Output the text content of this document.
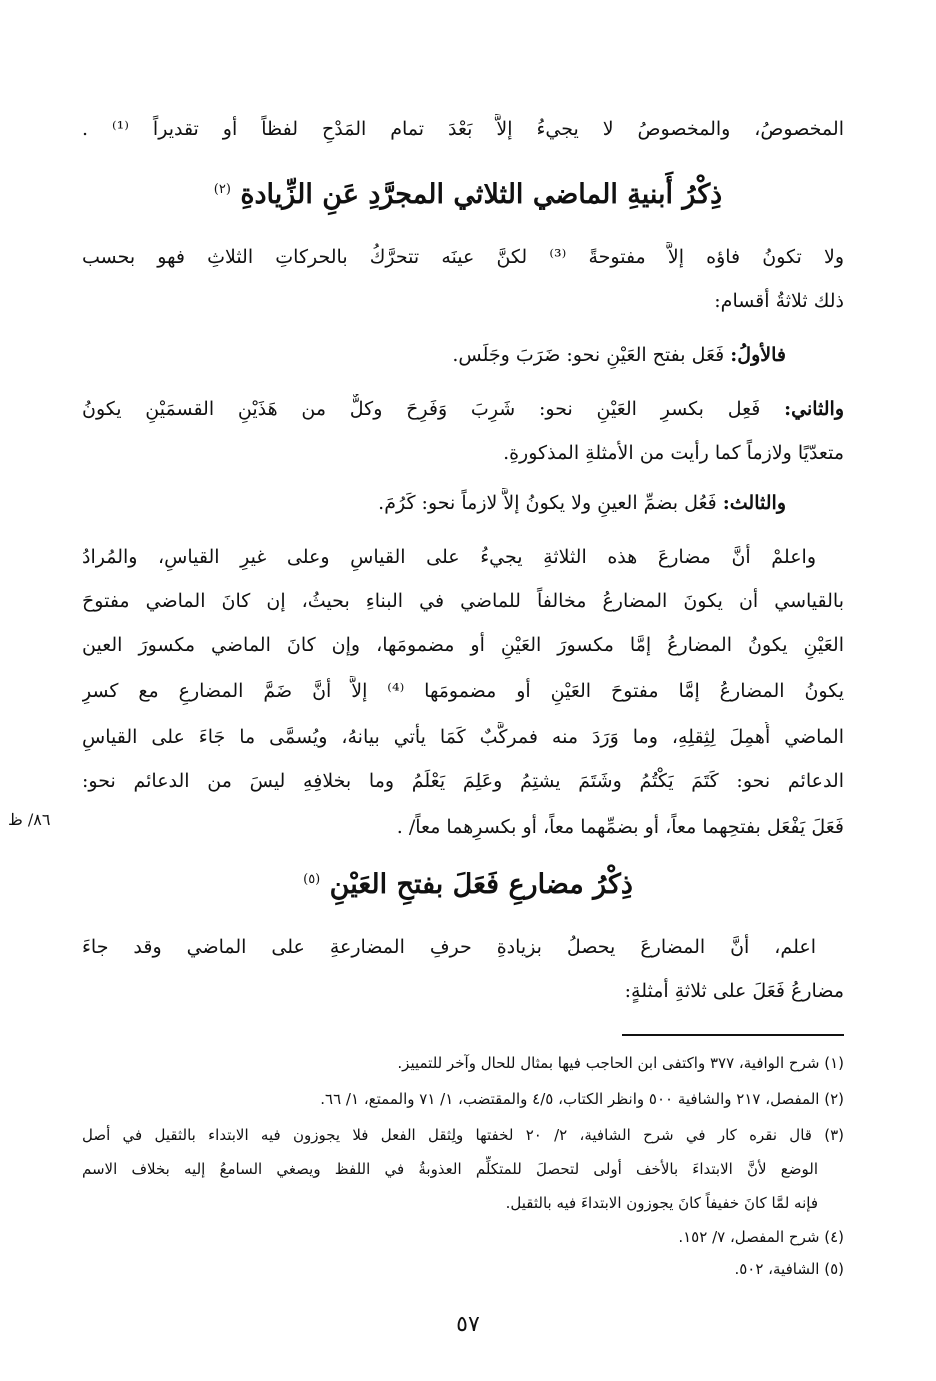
المخصوصُ، والمخصوصُ لا يجيءُ إلاَّ بَعْدَ تمام المَدْحِ لفظاً أو تقديراً ⁽¹⁾ .
ذِكْرُ أَبنيةِ الماضي الثلاثي المجرَّدِ عَنِ الزِّيادةِ $^{(٢)}$
ولا تكونُ فاؤه إلاَّ مفتوحةً ⁽³⁾ لكنَّ عينَه تتحرَّكُ بالحركاتِ الثلاثِ فهو بحسب
ذلك ثلاثةُ أقسام:
فالأولُ: فَعَل بفتح العَيْنِ نحو: ضَرَبَ وجَلَس.
والثاني: فَعِل بكسرِ العَيْنِ نحو: شَرِبَ وَفَرِحَ وكلٌّ من هَذَيْنِ القسمَيْنِ يكونُ
متعدّيًا ولازماً كما رأيت من الأمثلةِ المذكورةِ.
والثالث: فَعُل بضمِّ العينِ ولا يكونُ إلاَّ لازماً نحو: كَرُمَ.
واعلمْ أنَّ مضارعَ هذه الثلاثةِ يجيءُ على القياسِ وعلى غيرِ القياسِ، والمُرادُ
بالقياسي أن يكونَ المضارعُ مخالفاً للماضي في البناءِ بحيثُ، إن كانَ الماضي مفتوحَ
العَيْنِ يكونُ المضارعُ إمَّا مكسورَ العَيْنِ أو مضمومَها، وإن كانَ الماضي مكسورَ العين
يكونُ المضارعُ إمَّا مفتوحَ العَيْنِ أو مضمومَها ⁽⁴⁾ إلاَّ أنَّ ضَمَّ المضارعِ مع كسرِ
الماضي أُهمِلَ لِثِقلِهِ، وما وَرَدَ منه فمركَّبٌ كَمَا يأتي بيانهُ، ويُسمَّى ما جَاءَ على القياسِ
الدعائم نحو: كَتَمَ يَكْتُمُ وشَتَمَ يشتِمُ وعَلِمَ يَعْلَمُ وما بخلافِهِ ليسَ من الدعائم نحو:
فَعَلَ يَفْعَل بفتحِهما معاً، أو بضمِّهما معاً، أو بكسرِهما معاً/ .
٨٦/ ظ
ذِكْرُ مضارعِ فَعَلَ بفتحِ العَيْنِ $^{(٥)}$
اعلم، أنَّ المضارعَ يحصلُ بزيادةِ حرفِ المضارعةِ على الماضي وقد جاءَ
مضارعُ فَعَلَ على ثلاثةِ أمثلةٍ:
(١) شرح الوافية، ٣٧٧ واكتفى ابن الحاجب فيها بمثال للحال وآخر للتمييز.
(٢) المفصل، ٢١٧ والشافية ٥٠٠ وانظر الكتاب، ٤/٥ والمقتضب، ١/ ٧١ والممتع، ١/ ٦٦.
(٣) قال نقره كار في شرح الشافية، ٢/ ٢٠ لخفتها ولِثقل الفعل فلا يجوزون فيه الابتداء بالثقيل في أصل
الوضع لأنَّ الابتداءَ بالأخف أولى لتحصلَ للمتكلِّم العذوبةُ في اللفظ ويصغي السامعُ إليه بخلاف الاسم
فإنه لمَّا كانَ خفيفاً كانَ يجوزون الابتداءَ فيه بالثقيل.
(٤) شرح المفصل، ٧/ ١٥٢.
(٥) الشافية، ٥٠٢.
٥٧
